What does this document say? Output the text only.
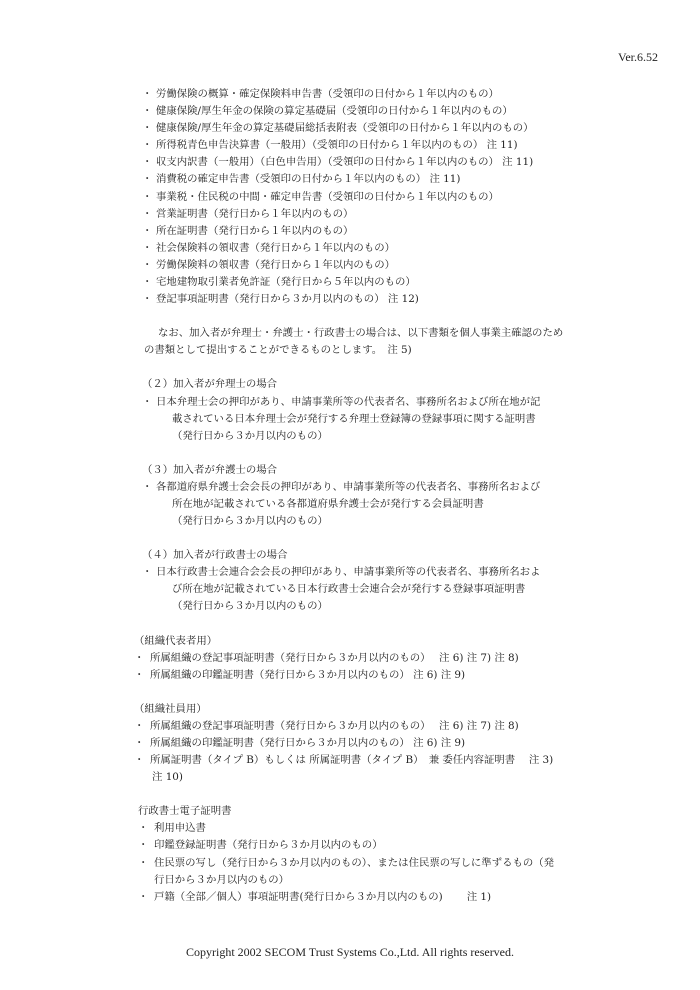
Ver.6.52
・ 労働保険の概算・確定保険料申告書（受領印の日付から１年以内のもの）
・ 健康保険/厚生年金の保険の算定基礎届（受領印の日付から１年以内のもの）
・ 健康保険/厚生年金の算定基礎届総括表附表（受領印の日付から１年以内のもの）
・ 所得税青色申告決算書（一般用）（受領印の日付から１年以内のもの） 注 11)
・ 収支内訳書（一般用）（白色申告用）（受領印の日付から１年以内のもの） 注 11)
・ 消費税の確定申告書（受領印の日付から１年以内のもの） 注 11)
・ 事業税・住民税の中間・確定申告書（受領印の日付から１年以内のもの）
・ 営業証明書（発行日から１年以内のもの）
・ 所在証明書（発行日から１年以内のもの）
・ 社会保険料の領収書（発行日から１年以内のもの）
・ 労働保険料の領収書（発行日から１年以内のもの）
・ 宅地建物取引業者免許証（発行日から５年以内のもの）
・ 登記事項証明書（発行日から３か月以内のもの） 注 12)
なお、加入者が弁理士・弁護士・行政書士の場合は、以下書類を個人事業主確認のため
の書類として提出することができるものとします。　注 5)
（２）加入者が弁理士の場合
・ 日本弁理士会の押印があり、申請事業所等の代表者名、事務所名および所在地が記
載されている日本弁理士会が発行する弁理士登録簿の登録事項に関する証明書
（発行日から３か月以内のもの）
（３）加入者が弁護士の場合
・ 各都道府県弁護士会会長の押印があり、申請事業所等の代表者名、事務所名および
所在地が記載されている各都道府県弁護士会が発行する会員証明書
（発行日から３か月以内のもの）
（４）加入者が行政書士の場合
・ 日本行政書士会連合会会長の押印があり、申請事業所等の代表者名、事務所名およ
び所在地が記載されている日本行政書士会連合会が発行する登録事項証明書
（発行日から３か月以内のもの）
（組織代表者用）
・ 所属組織の登記事項証明書（発行日から３か月以内のもの）　 注 6) 注 7) 注 8)
・ 所属組織の印鑑証明書（発行日から３か月以内のもの） 注 6) 注 9)
（組織社員用）
・ 所属組織の登記事項証明書（発行日から３か月以内のもの）　 注 6) 注 7) 注 8)
・ 所属組織の印鑑証明書（発行日から３か月以内のもの） 注 6) 注 9)
・ 所属証明書（タイプ B）もしくは 所属証明書（タイプ B）　兼 委任内容証明書　 注 3)
注 10)
行政書士電子証明書
・ 利用申込書
・ 印鑑登録証明書（発行日から３か月以内のもの）
・ 住民票の写し（発行日から３か月以内のもの）、または住民票の写しに準ずるもの（発
行日から３か月以内のもの）
・ 戸籍（全部／個人）事項証明書(発行日から３か月以内のもの)　　 注 1)
Copyright 2002 SECOM Trust Systems Co.,Ltd. All rights reserved.
